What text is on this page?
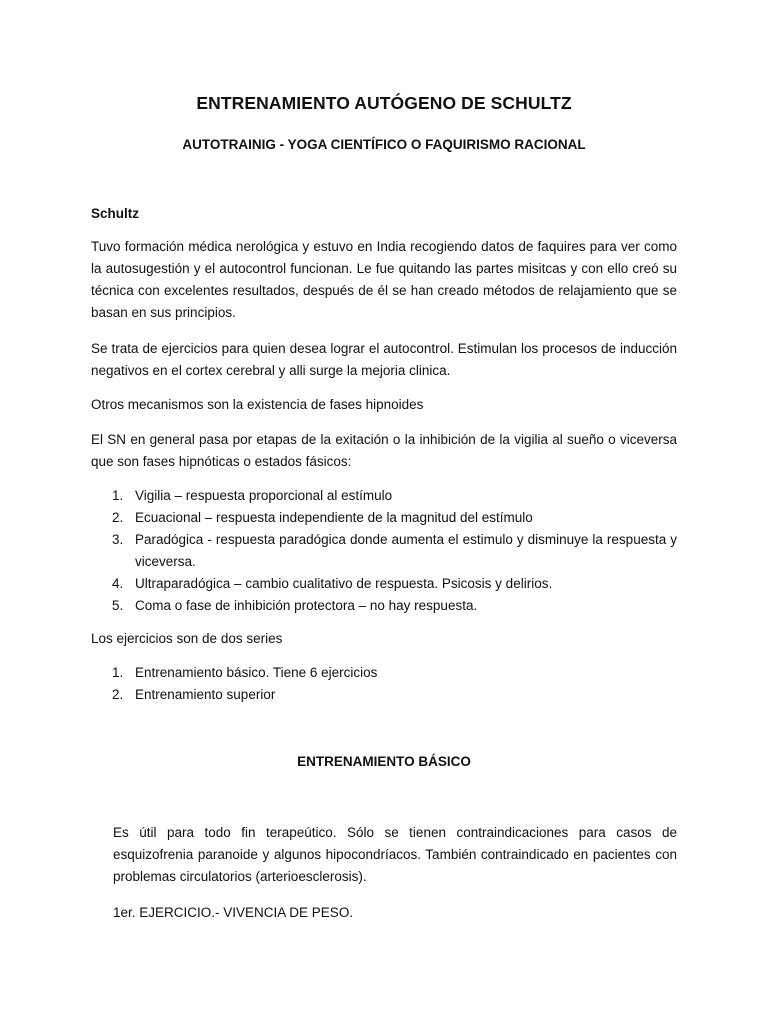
ENTRENAMIENTO AUTÓGENO DE SCHULTZ
AUTOTRAINIG - YOGA CIENTÍFICO O FAQUIRISMO RACIONAL
Schultz
Tuvo formación médica nerológica y estuvo en India recogiendo datos de faquires para ver como la autosugestión y el autocontrol funcionan. Le fue quitando las partes misitcas y con ello creó su técnica con excelentes resultados, después de él se han creado métodos de relajamiento que se basan en sus principios.
Se trata de ejercicios para quien desea lograr el autocontrol. Estimulan los procesos de inducción negativos en el cortex cerebral y alli surge la mejoria clinica.
Otros mecanismos son la existencia de fases hipnoides
El SN en general pasa por etapas de la exitación o la inhibición de la vigilia al sueño o viceversa que son fases hipnóticas o estados fásicos:
1. Vigilia – respuesta proporcional al estímulo
2. Ecuacional – respuesta independiente de la magnitud del estímulo
3. Paradógica - respuesta paradógica donde aumenta el estimulo y disminuye la respuesta y viceversa.
4. Ultraparadógica – cambio cualitativo de respuesta. Psicosis y delirios.
5. Coma o fase de inhibición protectora – no hay respuesta.
Los ejercicios son de dos series
1. Entrenamiento básico. Tiene 6 ejercicios
2. Entrenamiento superior
ENTRENAMIENTO BÁSICO
Es útil para todo fin terapeútico. Sólo se tienen contraindicaciones para casos de esquizofrenia paranoide y algunos hipocondríacos. También contraindicado en pacientes con problemas circulatorios (arterioesclerosis).
1er. EJERCICIO.- VIVENCIA DE PESO.
